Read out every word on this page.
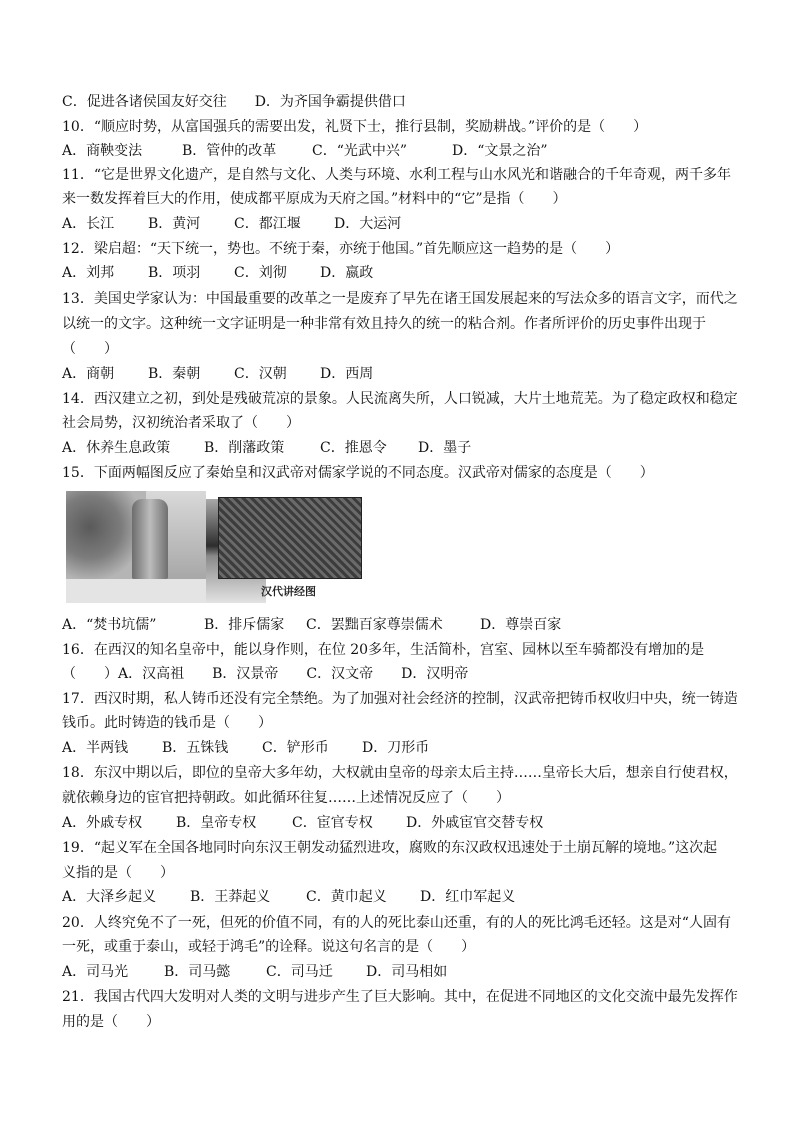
C．促进各诸侯国友好交往　　D．为齐国争霸提供借口
10．“顺应时势，从富国强兵的需要出发，礼贤下士，推行县制，奖励耕战。”评价的是（　　）
A．商鞅变法	B．管仲的改革	C．“光武中兴”	D．“文景之治”
11．“它是世界文化遗产，是自然与文化、人类与环境、水利工程与山水风光和谐融合的千年奇观，两千多年
来一数发挥着巨大的作用，使成都平原成为天府之国。”材料中的“它”是指（　　）
A．长江 B．黄河 C．都江堰 D．大运河
12．梁启超：“天下统一，势也。不统于秦，亦统于他国。”首先顺应这一趋势的是（　　）
A．刘邦 B．项羽 C．刘彻 D．嬴政
13．美国史学家认为：中国最重要的改革之一是废弃了早先在诸王国发展起来的写法众多的语言文字，而代之
以统一的文字。这种统一文字证明是一种非常有效且持久的统一的粘合剂。作者所评价的历史事件出现于
（　　）
A．商朝 B．秦朝 C．汉朝 D．西周
14．西汉建立之初，到处是残破荒凉的景象。人民流离失所，人口锐减，大片土地荒芜。为了稳定政权和稳定
社会局势，汉初统治者采取了（　　）
A．休养生息政策 B．削藩政策	C．推恩令 D．墨子
15．下面两幅图反应了秦始皇和汉武帝对儒家学说的不同态度。汉武帝对儒家的态度是（　　）
汉代讲经图
A．“焚书坑儒”	B．排斥儒家 C．罢黜百家尊崇儒术	D．尊崇百家
16．在西汉的知名皇帝中，能以身作则，在位 20多年，生活简朴，宫室、园林以至车骑都没有增加的是
（　　）A．汉高祖　　B．汉景帝　　C．汉文帝　　D．汉明帝
17．西汉时期，私人铸币还没有完全禁绝。为了加强对社会经济的控制，汉武帝把铸币权收归中央，统一铸造
钱币。此时铸造的钱币是（　　）
A．半两钱 B．五铢钱 C．铲形币 D．刀形币
18．东汉中期以后，即位的皇帝大多年幼，大权就由皇帝的母亲太后主持……皇帝长大后，想亲自行使君权，
就依赖身边的宦官把持朝政。如此循环往复……上述情况反应了（　　）
A．外戚专权 B．皇帝专权	C．宦官专权 D．外戚宦官交替专权
19．“起义军在全国各地同时向东汉王朝发动猛烈进攻，腐败的东汉政权迅速处于土崩瓦解的境地。”这次起
义指的是（　　）
A．大泽乡起义 B．王莽起义	C．黄巾起义 D．红巾军起义
20．人终究免不了一死，但死的价值不同，有的人的死比泰山还重，有的人的死比鸿毛还轻。这是对“人固有
一死，或重于泰山，或轻于鸿毛”的诠释。说这句名言的是（　　）
A．司马光	B．司马懿	C．司马迁 D．司马相如
21．我国古代四大发明对人类的文明与进步产生了巨大影响。其中，在促进不同地区的文化交流中最先发挥作
用的是（　　）
